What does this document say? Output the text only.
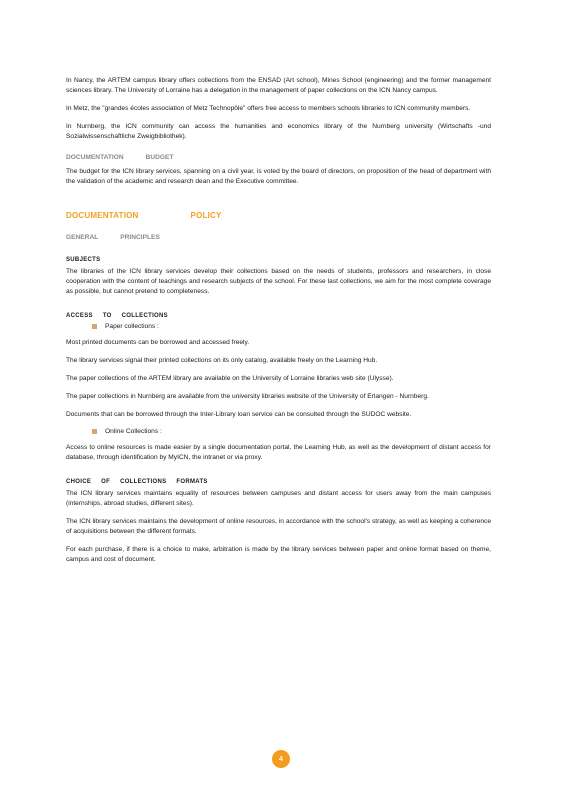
In Nancy, the ARTEM campus library offers collections from the ENSAD (Art school), Mines School (engineering) and the former management sciences library. The University of Lorraine has a delegation in the management of paper collections on the ICN Nancy campus.

In Metz, the "grandes écoles association of Metz Technopôle" offers free access to members schools libraries to ICN community members.

In Nurnberg, the ICN community can access the humanities and economics library of the Nurnberg university (Wirtschafts -und Sozialwissenschaftliche Zweigbibliothek).

DOCUMENTATION	BUDGET

The budget for the ICN library services, spanning on a civil year, is voted by the board of directors, on proposition of the head of department with the validation of the academic and research dean and the Executive committee.

DOCUMENTATION	POLICY
GENERAL	PRINCIPLES
SUBJECTS

The libraries of the ICN library services develop their collections based on the needs of students, professors and researchers, in close cooperation with the content of teachings and research subjects of the school. For these last collections, we aim for the most complete coverage as possible, but cannot pretend to completeness.

ACCESS TO COLLECTIONS
Paper collections :

Most printed documents can be borrowed and accessed freely.

The library services signal their printed collections on its only catalog, available freely on the Learning Hub.

The paper collections of the ARTEM library are available on the University of Lorraine libraries web site (Ulysse).

The paper collections in Nurnberg are available from the university libraries website of the University of Erlangen - Nurnberg.

Documents that can be borrowed through the Inter-Library loan service can be consulted through the SUDOC website.

Online Collections :

Access to online resources is made easier by a single documentation portal, the Learning Hub, as well as the development of distant access for database, through identification by MyICN, the intranet or via proxy.

CHOICE OF COLLECTIONS FORMATS

The ICN library services maintains equality of resources between campuses and distant access for users away from the main campuses (internships, abroad studies, different sites).

The ICN library services maintains the development of online resources, in accordance with the school's strategy, as well as keeping a coherence of acquisitions between the different formats.

For each purchase, if there is a choice to make, arbitration is made by the library services between paper and online format based on theme, campus and cost of document.

4
